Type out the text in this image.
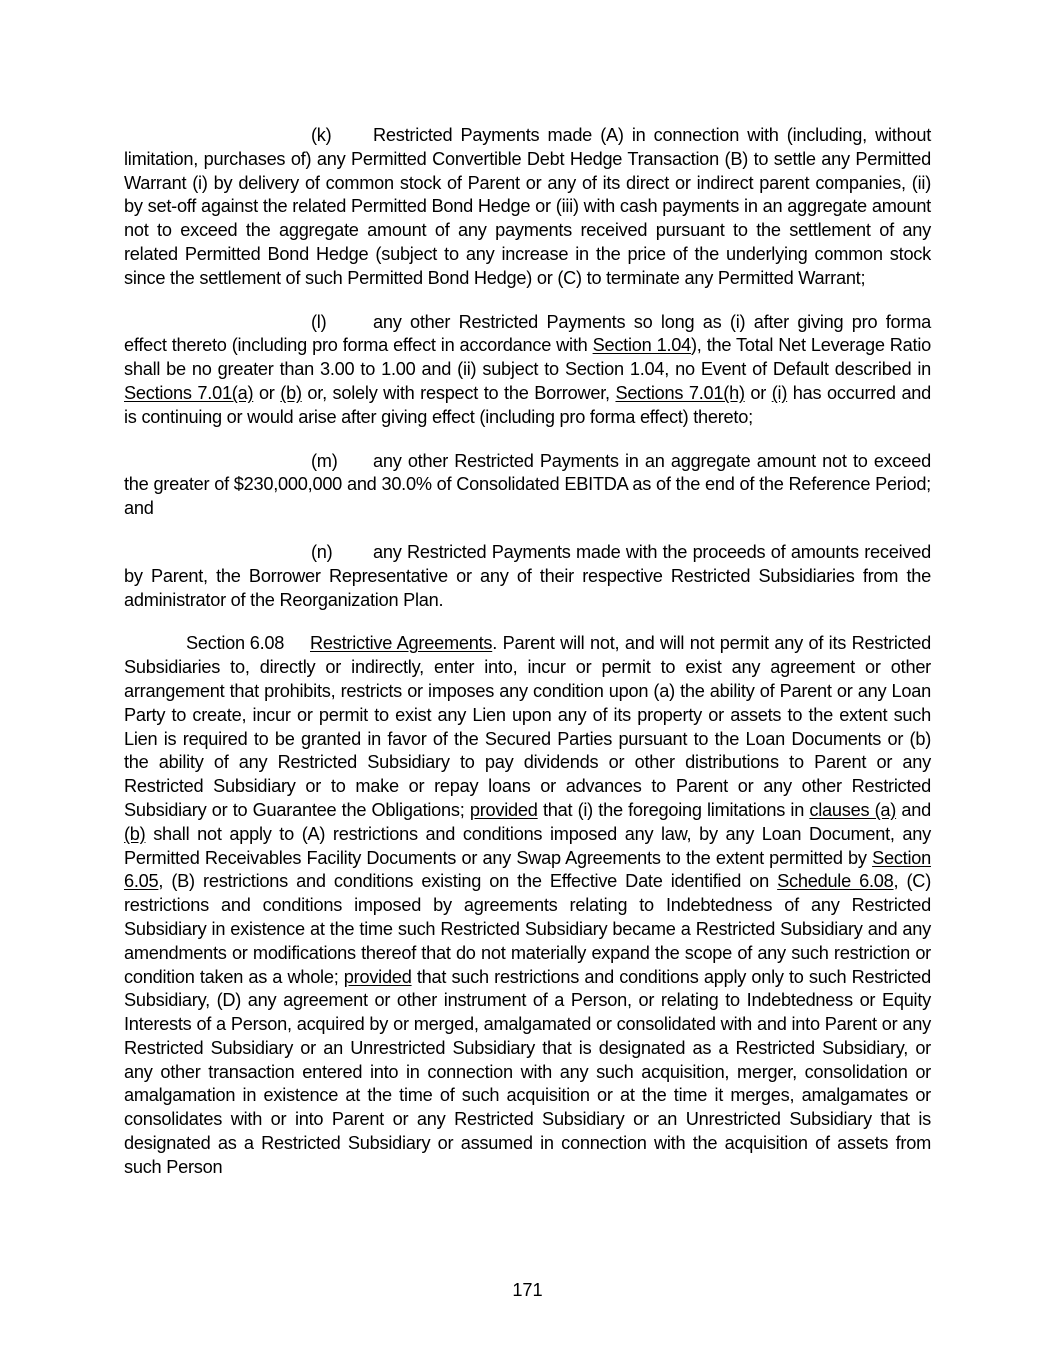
(k) Restricted Payments made (A) in connection with (including, without limitation, purchases of) any Permitted Convertible Debt Hedge Transaction (B) to settle any Permitted Warrant (i) by delivery of common stock of Parent or any of its direct or indirect parent companies, (ii) by set-off against the related Permitted Bond Hedge or (iii) with cash payments in an aggregate amount not to exceed the aggregate amount of any payments received pursuant to the settlement of any related Permitted Bond Hedge (subject to any increase in the price of the underlying common stock since the settlement of such Permitted Bond Hedge) or (C) to terminate any Permitted Warrant;

(l)	any other Restricted Payments so long as (i) after giving pro forma effect thereto (including pro forma effect in accordance with Section 1.04), the Total Net Leverage Ratio shall be no greater than 3.00 to 1.00 and (ii) subject to Section 1.04, no Event of Default described in Sections 7.01(a) or (b) or, solely with respect to the Borrower, Sections 7.01(h) or (i) has occurred and is continuing or would arise after giving effect (including pro forma effect) thereto;

(m) any other Restricted Payments in an aggregate amount not to exceed the greater of $230,000,000 and 30.0% of Consolidated EBITDA as of the end of the Reference Period; and

(n) any Restricted Payments made with the proceeds of amounts received by Parent, the Borrower Representative or any of their respective Restricted Subsidiaries from the administrator of the Reorganization Plan.

Section 6.08 Restrictive Agreements. Parent will not, and will not permit any of its Restricted Subsidiaries to, directly or indirectly, enter into, incur or permit to exist any agreement or other arrangement that prohibits, restricts or imposes any condition upon (a) the ability of Parent or any Loan Party to create, incur or permit to exist any Lien upon any of its property or assets to the extent such Lien is required to be granted in favor of the Secured Parties pursuant to the Loan Documents or (b) the ability of any Restricted Subsidiary to pay dividends or other distributions to Parent or any Restricted Subsidiary or to make or repay loans or advances to Parent or any other Restricted Subsidiary or to Guarantee the Obligations; provided that (i) the foregoing limitations in clauses (a) and (b) shall not apply to (A) restrictions and conditions imposed any law, by any Loan Document, any Permitted Receivables Facility Documents or any Swap Agreements to the extent permitted by Section 6.05, (B) restrictions and conditions existing on the Effective Date identified on Schedule 6.08, (C) restrictions and conditions imposed by agreements relating to Indebtedness of any Restricted Subsidiary in existence at the time such Restricted Subsidiary became a Restricted Subsidiary and any amendments or modifications thereof that do not materially expand the scope of any such restriction or condition taken as a whole; provided that such restrictions and conditions apply only to such Restricted Subsidiary, (D) any agreement or other instrument of a Person, or relating to Indebtedness or Equity Interests of a Person, acquired by or merged, amalgamated or consolidated with and into Parent or any Restricted Subsidiary or an Unrestricted Subsidiary that is designated as a Restricted Subsidiary, or any other transaction entered into in connection with any such acquisition, merger, consolidation or amalgamation in existence at the time of such acquisition or at the time it merges, amalgamates or consolidates with or into Parent or any Restricted Subsidiary or an Unrestricted Subsidiary that is designated as a Restricted Subsidiary or assumed in connection with the acquisition of assets from such Person

171
